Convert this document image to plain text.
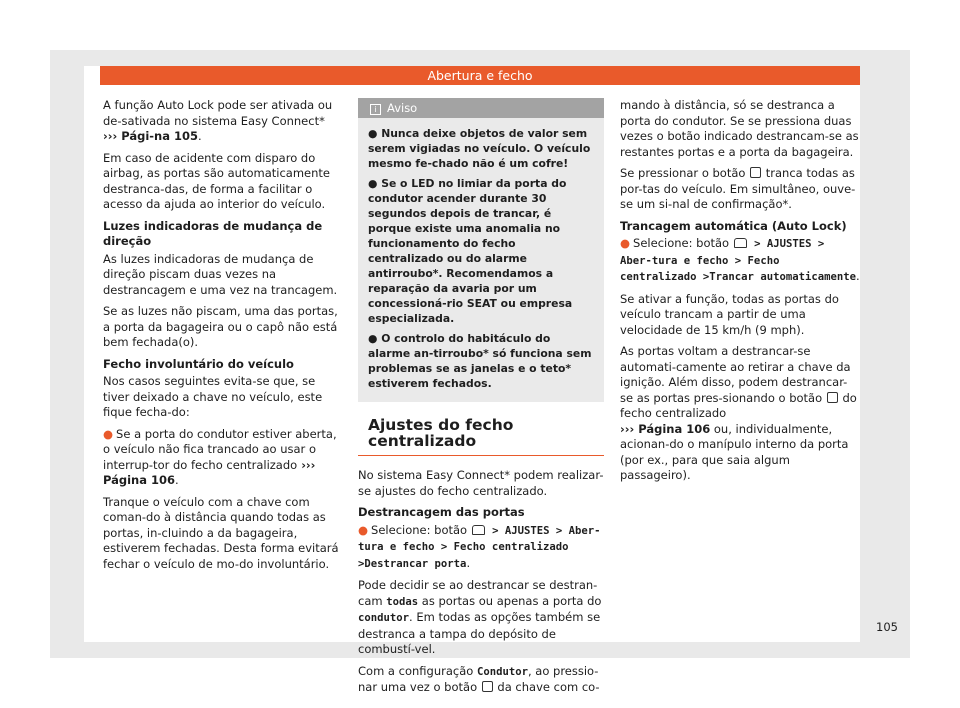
Abertura e fecho

A função Auto Lock pode ser ativada ou de-sativada no sistema Easy Connect* ››› Pági-na 105.

Em caso de acidente com disparo do airbag, as portas são automaticamente destranca-das, de forma a facilitar o acesso da ajuda ao interior do veículo.

Luzes indicadoras de mudança de direção

As luzes indicadoras de mudança de direção piscam duas vezes na destrancagem e uma vez na trancagem.

Se as luzes não piscam, uma das portas, a porta da bagageira ou o capô não está bem fechada(o).

Fecho involuntário do veículo

Nos casos seguintes evita-se que, se tiver deixado a chave no veículo, este fique fecha-do:

● Se a porta do condutor estiver aberta, o veículo não fica trancado ao usar o interrup-tor do fecho centralizado ››› Página 106.

Tranque o veículo com a chave com coman-do à distância quando todas as portas, in-cluindo a da bagageira, estiverem fechadas. Desta forma evitará fechar o veículo de mo-do involuntário.

i Aviso

● Nunca deixe objetos de valor sem serem vigiadas no veículo. O veículo mesmo fe-chado não é um cofre!

● Se o LED no limiar da porta do condutor acender durante 30 segundos depois de trancar, é porque existe uma anomalia no funcionamento do fecho centralizado ou do alarme antirroubo*. Recomendamos a reparação da avaria por um concessioná-rio SEAT ou empresa especializada.

● O controlo do habitáculo do alarme an-tirroubo* só funciona sem problemas se as janelas e o teto* estiverem fechados.

Ajustes do fecho centralizado

No sistema Easy Connect* podem realizar-se ajustes do fecho centralizado.

Destrancagem das portas

● Selecione: botão  > AJUSTES > Aber-tura e fecho > Fecho centralizado >Destrancar porta.

Pode decidir se ao destrancar se destran-cam todas as portas ou apenas a porta do condutor. Em todas as opções também se destranca a tampa do depósito de combustí-vel.

Com a configuração Condutor, ao pressio-nar uma vez o botão  da chave com co-

mando à distância, só se destranca a porta do condutor. Se se pressiona duas vezes o botão indicado destrancam-se as restantes portas e a porta da bagageira.

Se pressionar o botão  tranca todas as por-tas do veículo. Em simultâneo, ouve-se um si-nal de confirmação*.

Trancagem automática (Auto Lock)

● Selecione: botão  > AJUSTES > Aber-tura e fecho > Fecho centralizado >Trancar automaticamente.

Se ativar a função, todas as portas do veículo trancam a partir de uma velocidade de 15 km/h (9 mph).

As portas voltam a destrancar-se automati-camente ao retirar a chave da ignição. Além disso, podem destrancar-se as portas pres-sionando o botão  do fecho centralizado
››› Página 106 ou, individualmente, acionan-do o manípulo interno da porta (por ex., para que saia algum passageiro).

105
